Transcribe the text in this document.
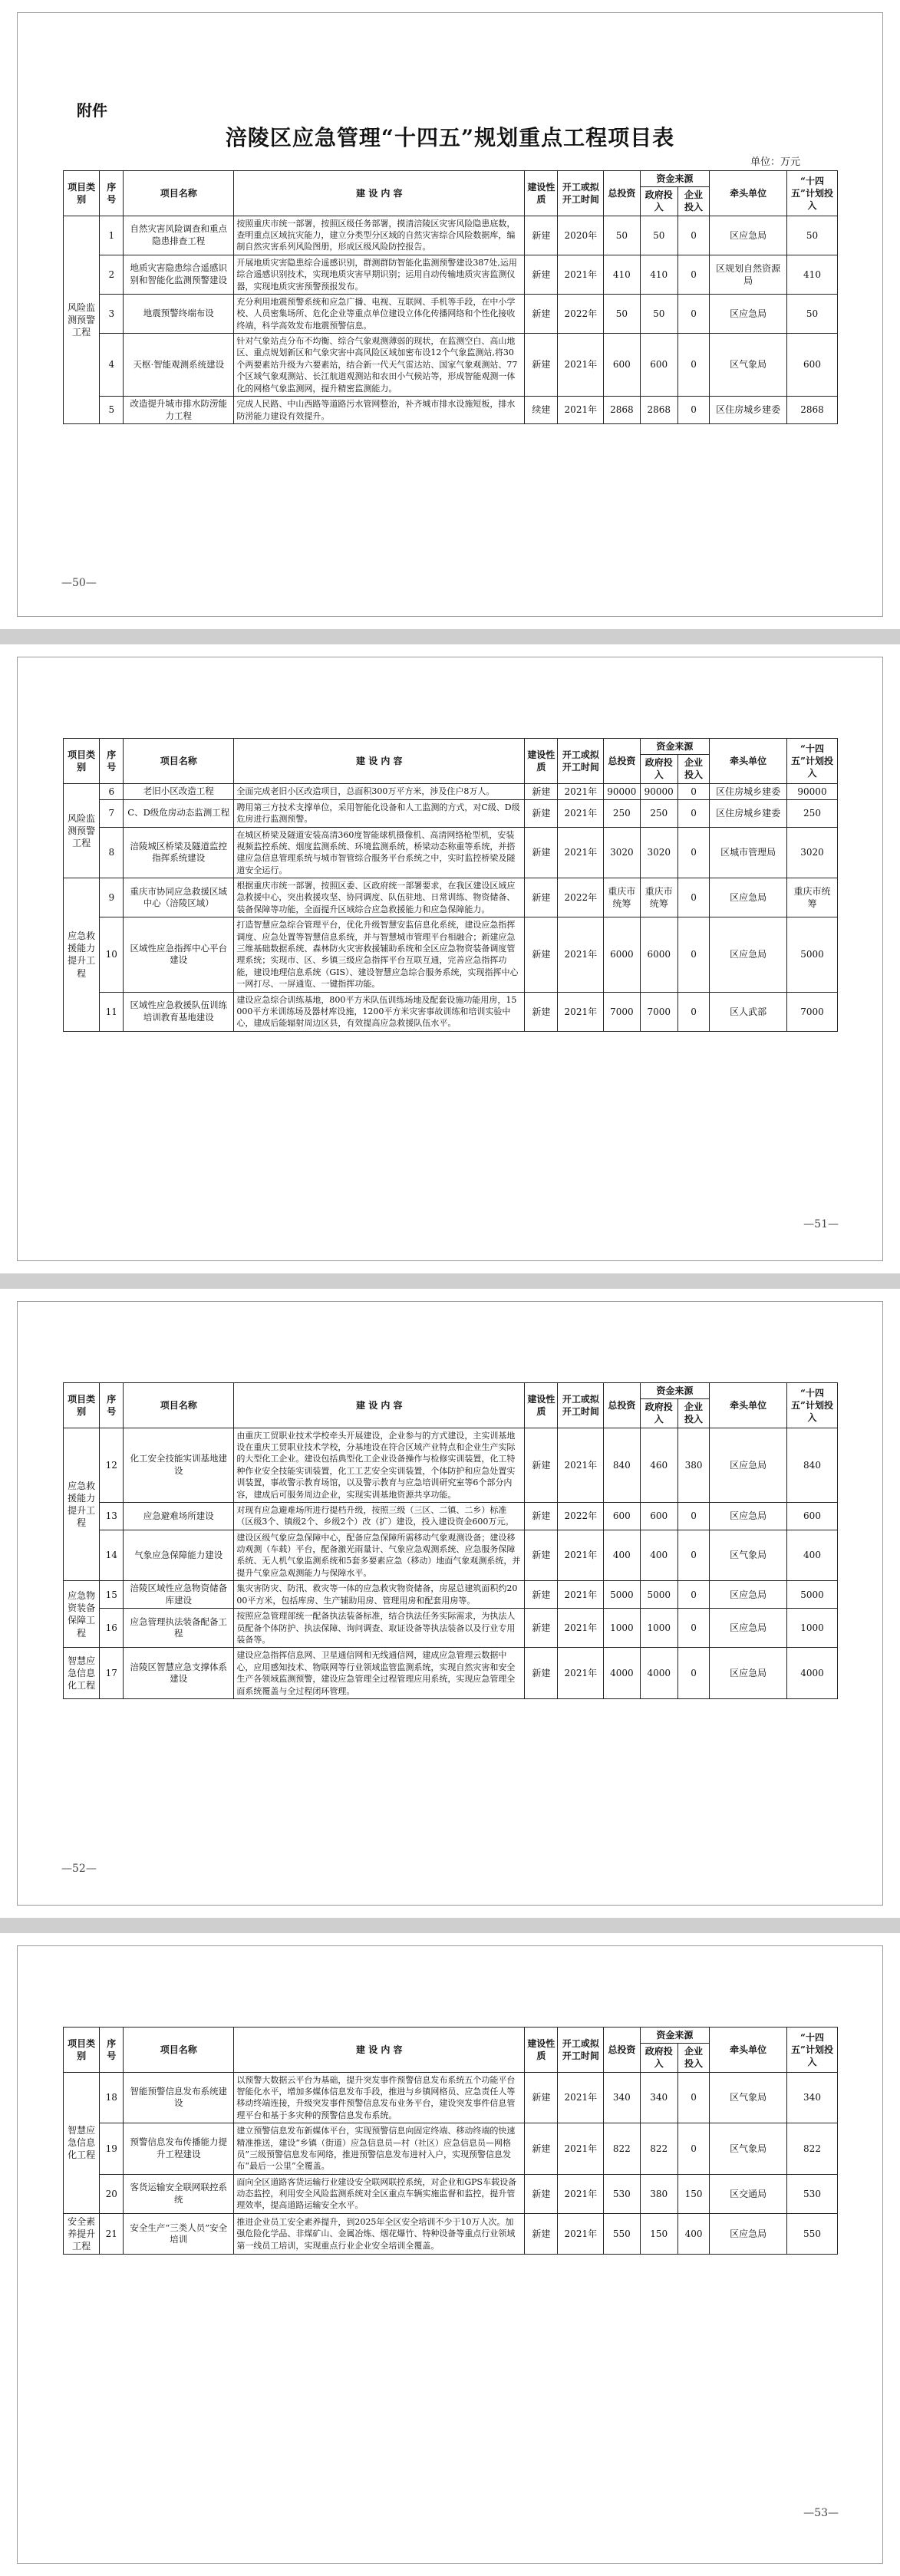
附件
涪陵区应急管理“十四五”规划重点工程项目表
单位：万元
项目类别	序号	项目名称	建 设 内 容	建设性质	开工或拟开工时间	总投资	资金来源		牵头单位	“十四五”计划投入
							政府投入	企业投入		
风险监测预警工程	1	自然灾害风险调查和重点隐患排查工程	按照重庆市统一部署，按照区级任务部署，摸清涪陵区灾害风险隐患底数，查明重点区域抗灾能力，建立分类型分区域的自然灾害综合风险数据库，编制自然灾害系列风险图册，形成区级风险防控报告。	新建	2020年	50	50	0	区应急局	50
	2	地质灾害隐患综合遥感识别和智能化监测预警建设	开展地质灾害隐患综合遥感识别，群测群防智能化监测预警建设387处,运用综合遥感识别技术，实现地质灾害早期识别；运用自动传输地质灾害监测仪器，实现地质灾害预警预报发布。	新建	2021年	410	410	0	区规划自然资源局	410
	3	地震预警终端布设	充分利用地震预警系统和应急广播、电视、互联网、手机等手段，在中小学校、人员密集场所、危化企业等重点单位建设立体化传播网络和个性化接收终端，科学高效发布地震预警信息。	新建	2022年	50	50	0	区应急局	50
	4	天枢·智能观测系统建设	针对气象站点分布不均衡、综合气象观测薄弱的现状，在监测空白、高山地区、重点规划新区和气象灾害中高风险区域加密布设12个气象监测站,将30个两要素站升级为六要素站，结合新一代天气雷达站、国家气象观测站、77个区域气象观测站、长江航道观测站和农田小气候站等，形成智能观测一体化的网格气象监测网，提升精密监测能力。	新建	2021年	600	600	0	区气象局	600
	5	改造提升城市排水防涝能力工程	完成人民路、中山西路等道路污水管网整治，补齐城市排水设施短板，排水防涝能力建设有效提升。	续建	2021年	2868	2868	0	区住房城乡建委	2868
—50—
项目类别	序号	项目名称	建 设 内 容	建设性质	开工或拟开工时间	总投资	资金来源		牵头单位	“十四五”计划投入
							政府投入	企业投入		
风险监测预警工程	6	老旧小区改造工程	全面完成老旧小区改造项目，总面积300万平方米，涉及住户8万人。	新建	2021年	90000	90000	0	区住房城乡建委	90000
	7	C、D级危房动态监测工程	聘用第三方技术支撑单位，采用智能化设备和人工监测的方式，对C级、D级危房进行监测预警。	新建	2021年	250	250	0	区住房城乡建委	250
	8	涪陵城区桥梁及隧道监控指挥系统建设	在城区桥梁及隧道安装高清360度智能球机摄像机、高清网络枪型机，安装视频监控系统、烟度监测系统、环境监测系统，桥梁动态称重等系统，并搭建应急信息管理系统与城市智管综合服务平台系统之中，实时监控桥梁及隧道安全运行。	新建	2021年	3020	3020	0	区城市管理局	3020
应急救援能力提升工程	9	重庆市协同应急救援区域中心（涪陵区域）	根据重庆市统一部署，按照区委、区政府统一部署要求，在我区建设区域应急救援中心，突出救援攻坚、协同调度、队伍驻地、日常训练、物资储备、装备保障等功能，全面提升区域综合应急救援能力和应急保障能力。	新建	2022年	重庆市统筹	重庆市统筹	0	区应急局	重庆市统筹
	10	区域性应急指挥中心平台建设	打造智慧应急综合管理平台，优化升级智慧安监信息化系统，建设应急指挥调度、应急处置等智慧信息系统，并与智慧城市管理平台相融合；新建应急三维基础数据系统、森林防火灾害救援辅助系统和全区应急物资装备调度管理系统；实现市、区、乡镇三级应急指挥平台互联互通，完善应急指挥功能，建设地理信息系统（GIS）、建设智慧应急综合服务系统，实现指挥中心一网打尽、一屏通览、一键指挥功能。	新建	2021年	6000	6000	0	区应急局	5000
	11	区域性应急救援队伍训练培训教育基地建设	建设应急综合训练基地，800平方米队伍训练场地及配套设施功能用房，15000平方米训练场及器材库设施，1200平方米灾害事故训练和培训实验中心，建成后能辐射周边区县，有效提高应急救援队伍水平。	新建	2021年	7000	7000	0	区人武部	7000
—51—
项目类别	序号	项目名称	建 设 内 容	建设性质	开工或拟开工时间	总投资	资金来源		牵头单位	“十四五”计划投入
							政府投入	企业投入		
应急救援能力提升工程	12	化工安全技能实训基地建设	由重庆工贸职业技术学校牵头开展建设，企业参与的方式建设，主实训基地设在重庆工贸职业技术学校，分基地设在符合区域产业特点和企业生产实际的大型化工企业。建设包括典型化工企业设备操作与检修实训装置，化工特种作业安全技能实训装置，化工工艺安全实训装置，个体防护和应急处置实训装置，事故警示教育场馆，以及警示教育与应急培训研究室等6个部分内容，建成后可服务周边企业，实现实训基地资源共享功能。	新建	2021年	840	460	380	区应急局	840
	13	应急避难场所建设	对现有应急避难场所进行提档升级，按照三级（三区、二镇、二乡）标准（区级3个、镇级2个、乡级2个）改（扩）建设，投入建设资金600万元。	新建	2022年	600	600	0	区应急局	600
	14	气象应急保障能力建设	建设区级气象应急保障中心，配备应急保障所需移动气象观测设备；建设移动观测（车载）平台，配备激光雨量计、气象应急观测系统、应急服务保障系统、无人机气象监测系统和5套多要素应急（移动）地面气象观测系统，并提升气象应急观测能力与保障水平。	新建	2021年	400	400	0	区气象局	400
应急物资装备保障工程	15	涪陵区域性应急物资储备库建设	集灾害防灾、防汛、救灾等一体的应急救灾物资储备，房屋总建筑面积约2000平方米，包括库房、生产辅助用房、管理用房和配套用房等。	新建	2021年	5000	5000	0	区应急局	5000
	16	应急管理执法装备配备工程	按照应急管理部统一配备执法装备标准，结合执法任务实际需求，为执法人员配备个体防护、执法保障、询问调查、取证设备等执法装备以及行业专用装备等。	新建	2021年	1000	1000	0	区应急局	1000
智慧应急信息化工程	17	涪陵区智慧应急支撑体系建设	建设应急指挥信息网、卫星通信网和无线通信网，建成应急管理云数据中心，应用感知技术、物联网等行业领域监管监测系统，实现自然灾害和安全生产各领域监测预警，建设应急管理全过程管理应用系统，实现应急管理全面系统覆盖与全过程闭环管理。	新建	2021年	4000	4000	0	区应急局	4000
—52—
项目类别	序号	项目名称	建 设 内 容	建设性质	开工或拟开工时间	总投资	资金来源		牵头单位	“十四五”计划投入
							政府投入	企业投入		
智慧应急信息化工程	18	智能预警信息发布系统建设	以预警大数据云平台为基础，提升突发事件预警信息发布系统五个功能平台智能化水平，增加多媒体信息发布手段，推进与乡镇网格员、应急责任人等移动终端连接，升级突发事件预警信息发布业务平台，建设突发事件信息管理平台和基于多灾种的预警信息发布系统。	新建	2021年	340	340	0	区气象局	340
	19	预警信息发布传播能力提升工程建设	建立预警信息发布新媒体平台，实现预警信息向固定终端、移动终端的快速精准推送，建设“乡镇（街道）应急信息员—村（社区）应急信息员—网格员”三级预警信息发布网络，推进预警信息发布进村入户，实现预警信息发布“最后一公里”全覆盖。	新建	2021年	822	822	0	区气象局	822
	20	客货运输安全联网联控系统	面向全区道路客货运输行业建设安全联网联控系统，对企业和GPS车载设备动态监控，利用安全风险监测系统对全区重点车辆实施监督和监控，提升管理效率，提高道路运输安全水平。	新建	2021年	530	380	150	区交通局	530
安全素养提升工程	21	安全生产“三类人员”安全培训	推进企业员工安全素养提升，到2025年全区安全培训不少于10万人次。加强危险化学品、非煤矿山、金属冶炼、烟花爆竹、特种设备等重点行业领域第一线员工培训，实现重点行业企业安全培训全覆盖。	新建	2021年	550	150	400	区应急局	550
—53—
